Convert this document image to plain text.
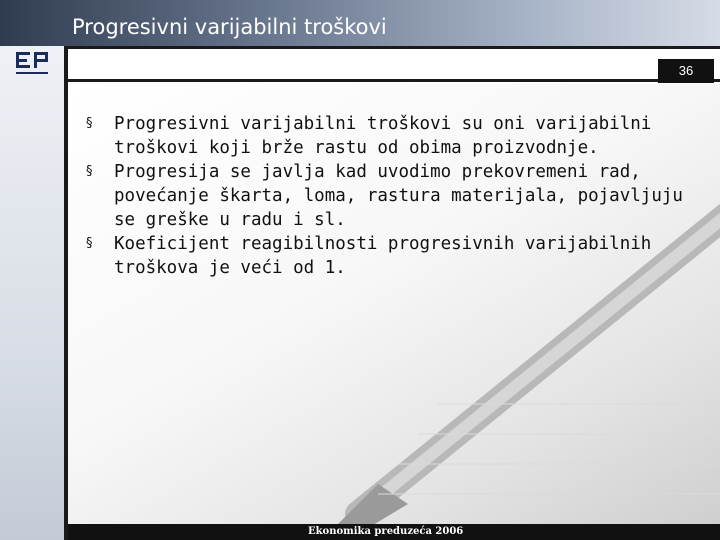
Progresivni varijabilni troškovi
36
§	Progresivni varijabilni troškovi su oni varijabilni troškovi koji brže rastu od obima proizvodnje.
§	Progresija se javlja kad uvodimo prekovremeni rad, povećanje škarta, loma, rastura materijala, pojavljuju se greške u radu i sl.
§	Koeficijent reagibilnosti progresivnih varijabilnih troškova je veći od 1.
Ekonomika preduzeća 2006
